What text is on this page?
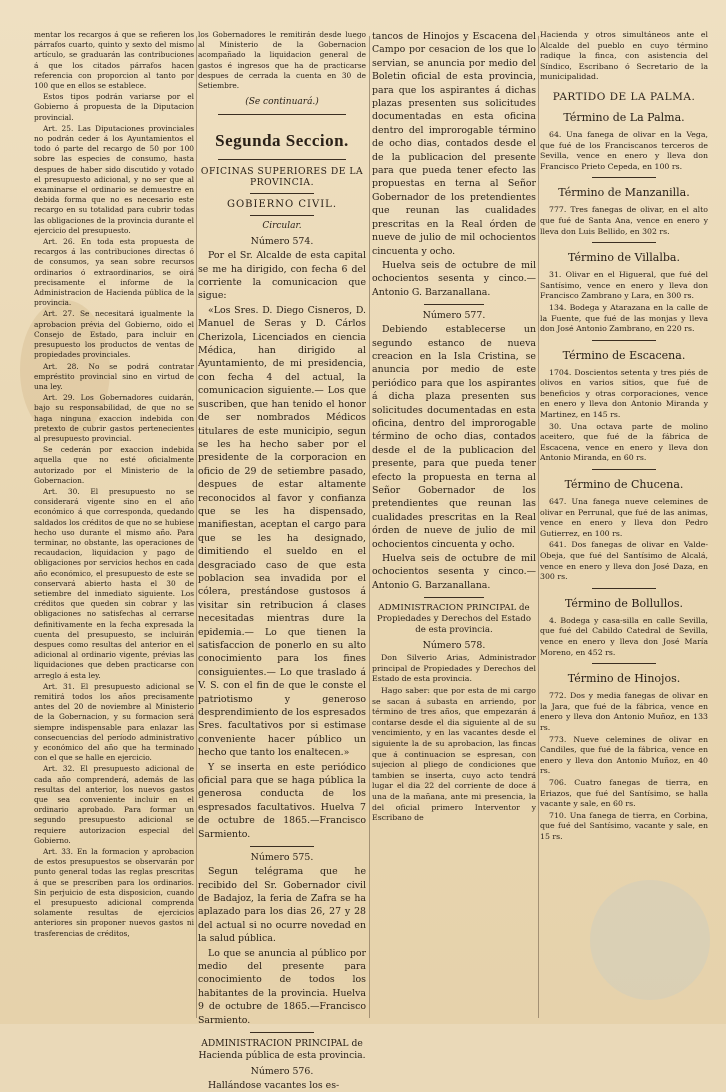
mentar los recargos á que se refieren los párrafos cuarto, quinto y sexto del mismo artículo, se graduarán las contribuciones á que los citados párrafos hacen referencia con proporcion al tanto por 100 que en ellos se establece.

Estos tipos podrán variarse por el Gobierno á propuesta de la Diputacion provincial.

Art. 25. Las Diputaciones provinciales no podrán ceder á los Ayuntamientos el todo ó parte del recargo de 50 por 100 sobre las especies de consumo, hasta despues de haber sido discutido y votado el presupuesto adicional, y no ser que al examinarse el ordinario se demuestre en debida forma que no es necesario este recargo en su totalidad para cubrir todas las obligaciones de la provincia durante el ejercicio del presupuesto.

Art. 26. En toda esta propuesta de recargos á las contribuciones directas ó de consumos, ya sean sobre recursos ordinarios ó extraordinarios, se oirá precisamente el informe de la Administracion de Hacienda pública de la provincia.

Art. 27. Se necesitará igualmente la aprobacion prévia del Gobierno, oido el Consejo de Estado, para incluir en presupuesto los productos de ventas de propiedades provinciales.

Art. 28. No se podrá contratar empréstito provincial sino en virtud de una ley.

Art. 29. Los Gobernadores cuidarán, bajo su responsabilidad, de que no se haga ninguna exaccion indebida con pretexto de cubrir gastos pertenecientes al presupuesto provincial.

Se cederán por exaccion indebida aquella que no esté oficialmente autorizado por el Ministerio de la Gobernacion.

Art. 30. El presupuesto no se considerará vigente sino en el año económico á que corresponda, quedando saldados los créditos de que no se hubiese hecho uso durante el mismo año. Para terminar, no obstante, las operaciones de recaudacion, liquidacion y pago de obligaciones por servicios hechos en cada año económico, el presupuesto de este se conservará abierto hasta el 30 de setiembre del inmediato siguiente. Los créditos que queden sin cobrar y las obligaciones no satisfechas al cerrarse definitivamente en la fecha expresada la cuenta del presupuesto, se incluirán despues como resultas del anterior en el adicional al ordinario vigente, prévias las liquidaciones que deben practicarse con arreglo á esta ley.

Art. 31. El presupuesto adicional se remitirá todos los años precisamente antes del 20 de noviembre al Ministerio de la Gobernacion, y su formacion será siempre indispensable para enlazar las consecuencias del período administrativo y económico del año que ha terminado con el que se halle en ejercicio.

Art. 32. El presupuesto adicional de cada año comprenderá, además de las resultas del anterior, los nuevos gastos que sea conveniente incluir en el ordinario aprobado. Para formar un segundo presupuesto adicional se requiere autorizacion especial del Gobierno.

Art. 33. En la formacion y aprobacion de estos presupuestos se observarán por punto general todas las reglas prescritas á que se prescriben para los ordinarios. Sin perjuicio de esta disposicion, cuando el presupuesto adicional comprenda solamente resultas de ejercicios anteriores sin proponer nuevos gastos ni trasferencias de créditos,

los Gobernadores le remitirán desde luego al Ministerio de la Gobernacion acompañado la liquidacion general de gastos é ingresos que ha de practicarse despues de cerrada la cuenta en 30 de Setiembre.

(Se continuará.)

Segunda Seccion.
OFICINAS SUPERIORES DE LA PROVINCIA.
GOBIERNO CIVIL.
Circular.
Número 574.

Por el Sr. Alcalde de esta capital se me ha dirigido, con fecha 6 del corriente la comunicacion que sigue:

«Los Sres. D. Diego Cisneros, D. Manuel de Seras y D. Cárlos Cherizola, Licenciados en ciencia Médica, han dirigido al Ayuntamiento, de mi presidencia, con fecha 4 del actual, la comunicacion siguiente.— Los que suscriben, que han tenido el honor de ser nombrados Médicos titulares de este municipio, segun se les ha hecho saber por el presidente de la corporacion en oficio de 29 de setiembre pasado, despues de estar altamente reconocidos al favor y confianza que se les ha dispensado, manifiestan, aceptan el cargo para que se les ha designado, dimitiendo el sueldo en el desgraciado caso de que esta poblacion sea invadida por el cólera, prestándose gustosos á visitar sin retribucion á clases necesitadas mientras dure la epidemia.— Lo que tienen la satisfaccion de ponerlo en su alto conocimiento para los fines consiguientes.— Lo que traslado á V. S. con el fin de que le conste el patriotismo y generoso desprendimiento de los espresados Sres. facultativos por si estimase conveniente hacer público un hecho que tanto los enaltecen.»

Y se inserta en este periódico oficial para que se haga pública la generosa conducta de los espresados facultativos. Huelva 7 de octubre de 1865.—Francisco Sarmiento.

Número 575.

Segun telégrama que he recibido del Sr. Gobernador civil de Badajoz, la feria de Zafra se ha aplazado para los dias 26, 27 y 28 del actual si no ocurre novedad en la salud pública.

Lo que se anuncia al público por medio del presente para conocimiento de todos los habitantes de la provincia. Huelva 9 de octubre de 1865.—Francisco Sarmiento.

ADMINISTRACION PRINCIPAL de Hacienda pública de esta provincia.
Número 576.

Hallándose vacantes los es-

tancos de Hinojos y Escacena del Campo por cesacion de los que lo servian, se anuncia por medio del Boletin oficial de esta provincia, para que los aspirantes á dichas plazas presenten sus solicitudes documentadas en esta oficina dentro del improrogable término de ocho dias, contados desde el de la publicacion del presente para que pueda tener efecto las propuestas en terna al Señor Gobernador de los pretendientes que reunan las cualidades prescritas en la Real órden de nueve de julio de mil ochocientos cincuenta y ocho.

Huelva seis de octubre de mil ochocientos sesenta y cinco.—Antonio G. Barzanallana.

Número 577.

Debiendo establecerse un segundo estanco de nueva creacion en la Isla Cristina, se anuncia por medio de este periódico para que los aspirantes á dicha plaza presenten sus solicitudes documentadas en esta oficina, dentro del improrogable término de ocho dias, contados desde el de la publicacion del presente, para que pueda tener efecto la propuesta en terna al Señor Gobernador de los pretendientes que reunan las cualidades prescritas en la Real órden de nueve de julio de mil ochocientos cincuenta y ocho.

Huelva seis de octubre de mil ochocientos sesenta y cinco.—Antonio G. Barzanallana.

ADMINISTRACION PRINCIPAL de Propiedades y Derechos del Estado de esta provincia.
Número 578.

Don Silverio Arias, Administrador principal de Propiedades y Derechos del Estado de esta provincia.

Hago saber: que por esta de mi cargo se sacan á subasta en arriendo, por término de tres años, que empezarán á contarse desde el dia siguiente al de su vencimiento, y en las vacantes desde el siguiente la de su aprobacion, las fincas que á continuacion se espresan, con sujecion al pliego de condiciones que tambien se inserta, cuyo acto tendrá lugar el dia 22 del corriente de doce á una de la mañana, ante mi presencia, la del oficial primero Interventor y Escribano de

Hacienda y otros simultáneos ante el Alcalde del pueblo en cuyo término radique la finca, con asistencia del Síndico, Escribano ó Secretario de la municipalidad.

PARTIDO DE LA PALMA.
Término de La Palma.

64. Una fanega de olivar en la Vega, que fué de los Franciscanos terceros de Sevilla, vence en enero y lleva don Francisco Prieto Cepeda, en 100 rs.

Término de Manzanilla.

777. Tres fanegas de olivar, en el alto que fué de Santa Ana, vence en enero y lleva don Luis Bellido, en 302 rs.

Término de Villalba.

31. Olivar en el Higueral, que fué del Santísimo, vence en enero y lleva don Francisco Zambrano y Lara, en 300 rs.

134. Bodega y Atarazana en la calle de la Fuente, que fué de las monjas y lleva don José Antonio Zambrano, en 220 rs.

Término de Escacena.

1704. Doscientos setenta y tres piés de olivos en varios sitios, que fué de beneficios y otras corporaciones, vence en enero y lleva don Antonio Miranda y Martinez, en 145 rs.

30. Una octava parte de molino aceitero, que fué de la fábrica de Escacena, vence en enero y lleva don Antonio Miranda, en 60 rs.

Término de Chucena.

647. Una fanega nueve celemines de olivar en Perrunal, que fué de las animas, vence en enero y lleva don Pedro Gutierrez, en 100 rs.

641. Dos fanegas de olivar en Valde-Obeja, que fué del Santísimo de Alcalá, vence en enero y lleva don José Daza, en 300 rs.

Término de Bollullos.

4. Bodega y casa-silla en calle Sevilla, que fué del Cabildo Catedral de Sevilla, vence en enero y lleva don José María Moreno, en 452 rs.

Término de Hinojos.

772. Dos y media fanegas de olivar en la Jara, que fué de la fábrica, vence en enero y lleva don Antonio Muñoz, en 133 rs.

773. Nueve celemines de olivar en Candiles, que fué de la fábrica, vence en enero y lleva don Antonio Muñoz, en 40 rs.

706. Cuatro fanegas de tierra, en Eriazos, que fué del Santísimo, se halla vacante y sale, en 60 rs.

710. Una fanega de tierra, en Corbina, que fué del Santísimo, vacante y sale, en 15 rs.
